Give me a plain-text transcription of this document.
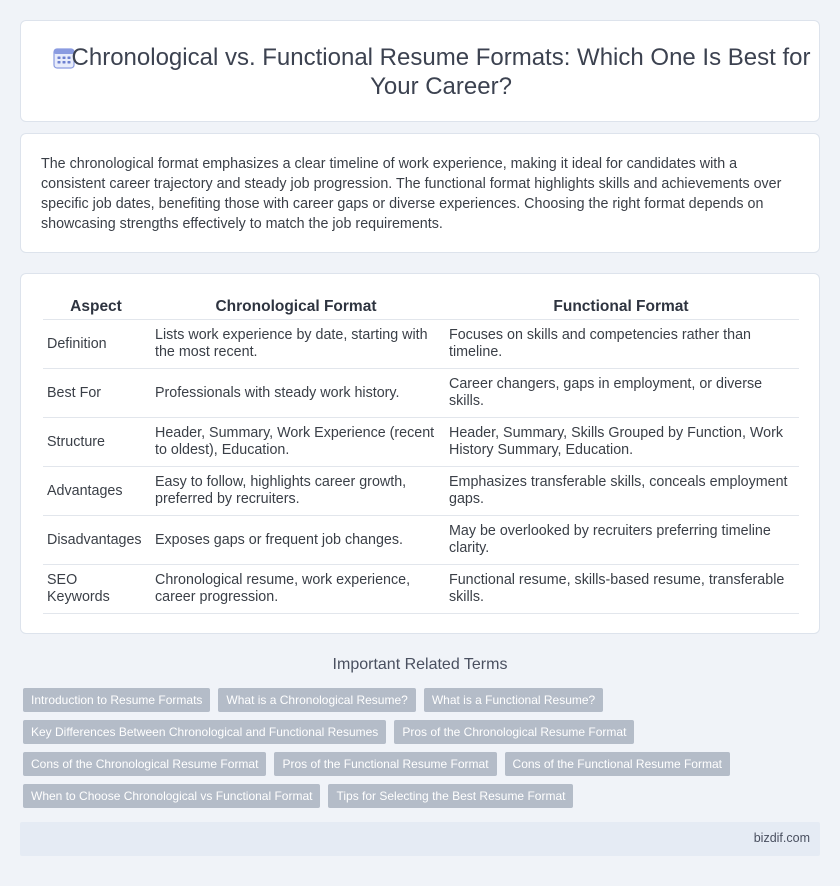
Chronological vs. Functional Resume Formats: Which One Is Best for Your Career?

The chronological format emphasizes a clear timeline of work experience, making it ideal for candidates with a consistent career trajectory and steady job progression. The functional format highlights skills and achievements over specific job dates, benefiting those with career gaps or diverse experiences. Choosing the right format depends on showcasing strengths effectively to match the job requirements.

Aspect	Chronological Format	Functional Format
Definition	Lists work experience by date, starting with the most recent.	Focuses on skills and competencies rather than timeline.
Best For	Professionals with steady work history.	Career changers, gaps in employment, or diverse skills.
Structure	Header, Summary, Work Experience (recent to oldest), Education.	Header, Summary, Skills Grouped by Function, Work History Summary, Education.
Advantages	Easy to follow, highlights career growth, preferred by recruiters.	Emphasizes transferable skills, conceals employment gaps.
Disadvantages	Exposes gaps or frequent job changes.	May be overlooked by recruiters preferring timeline clarity.
SEO Keywords	Chronological resume, work experience, career progression.	Functional resume, skills-based resume, transferable skills.
Important Related Terms
Introduction to Resume Formats	What is a Chronological Resume?	What is a Functional Resume?
Key Differences Between Chronological and Functional Resumes	Pros of the Chronological Resume Format
Cons of the Chronological Resume Format	Pros of the Functional Resume Format	Cons of the Functional Resume Format
When to Choose Chronological vs Functional Format	Tips for Selecting the Best Resume Format
bizdif.com
